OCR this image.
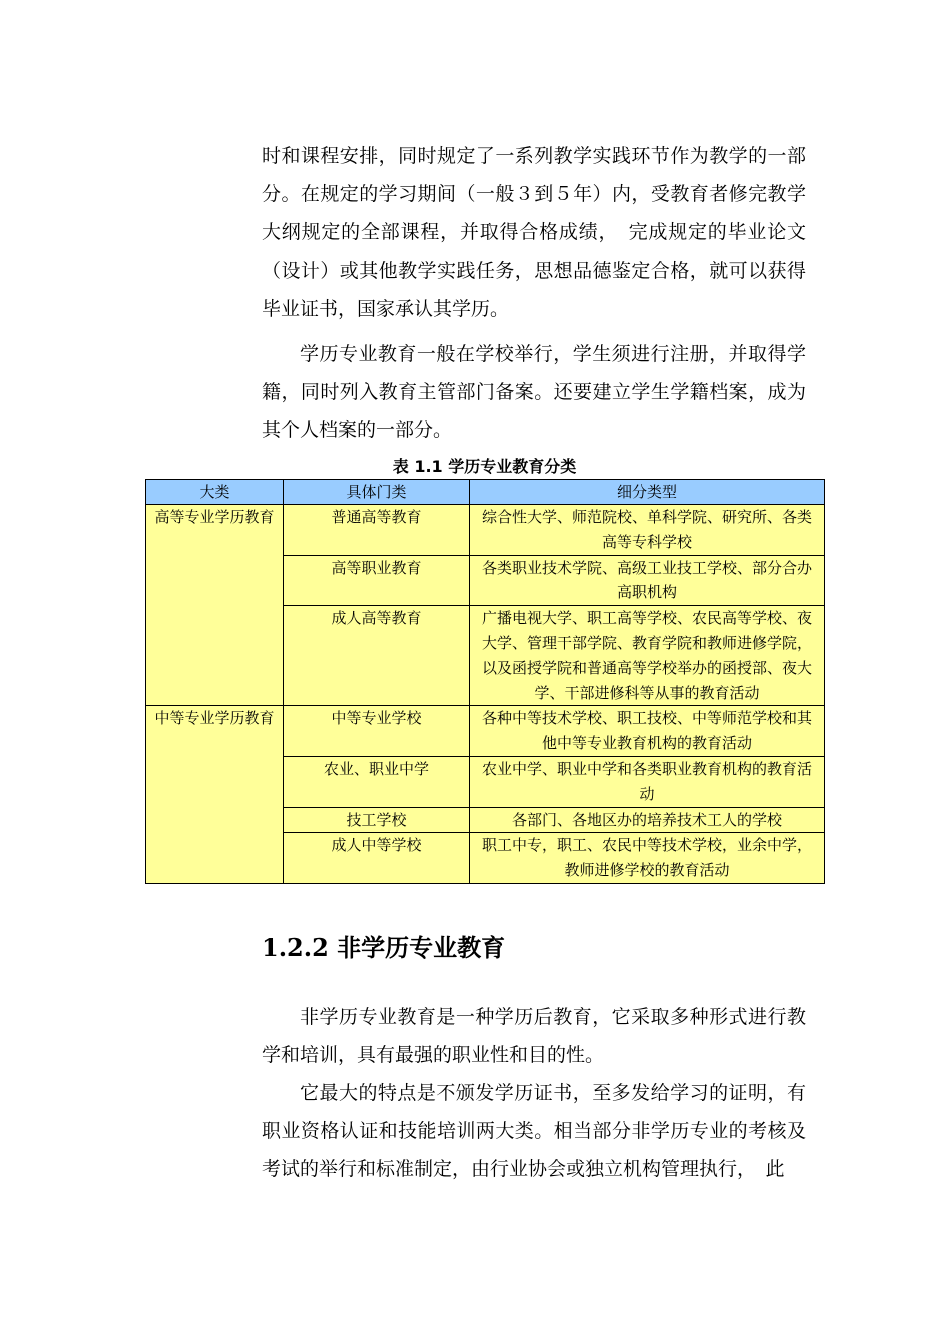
时和课程安排，同时规定了一系列教学实践环节作为教学的一部分。在规定的学习期间（一般３到５年）内，受教育者修完教学大纲规定的全部课程，并取得合格成绩，　完成规定的毕业论文（设计）或其他教学实践任务，思想品德鉴定合格，就可以获得毕业证书，国家承认其学历。

学历专业教育一般在学校举行，学生须进行注册，并取得学籍，同时列入教育主管部门备案。还要建立学生学籍档案，成为其个人档案的一部分。

表 1.1 学历专业教育分类

大类	具体门类	细分类型
高等专业学历教育	普通高等教育	综合性大学、师范院校、单科学院、研究所、各类高等专科学校
	高等职业教育	各类职业技术学院、高级工业技工学校、部分合办高职机构
	成人高等教育	广播电视大学、职工高等学校、农民高等学校、夜大学、管理干部学院、教育学院和教师进修学院，以及函授学院和普通高等学校举办的函授部、夜大学、干部进修科等从事的教育活动
中等专业学历教育	中等专业学校	各种中等技术学校、职工技校、中等师范学校和其他中等专业教育机构的教育活动
	农业、职业中学	农业中学、职业中学和各类职业教育机构的教育活动
	技工学校	各部门、各地区办的培养技术工人的学校
	成人中等学校	职工中专，职工、农民中等技术学校，业余中学，教师进修学校的教育活动
1.2.2 非学历专业教育

非学历专业教育是一种学历后教育，它采取多种形式进行教学和培训，具有最强的职业性和目的性。

它最大的特点是不颁发学历证书，至多发给学习的证明，有职业资格认证和技能培训两大类。相当部分非学历专业的考核及考试的举行和标准制定，由行业协会或独立机构管理执行，　此
